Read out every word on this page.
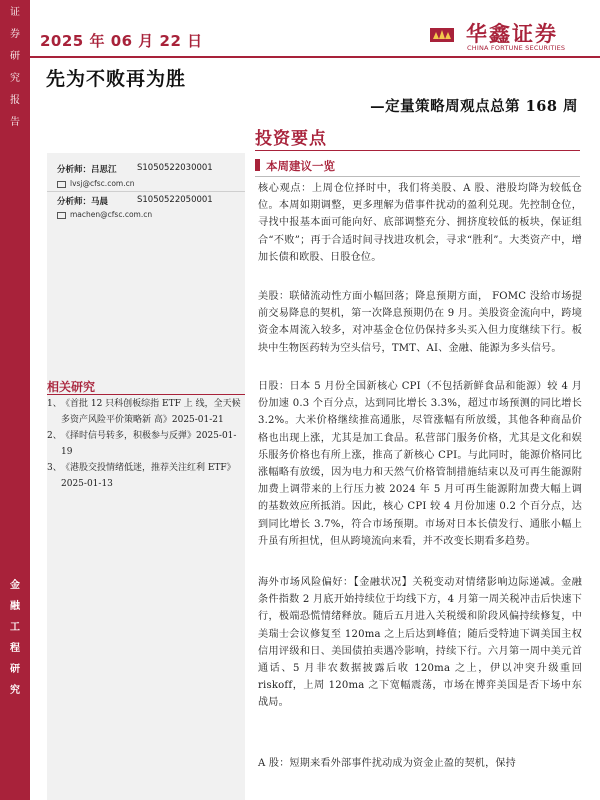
证
券
研
究
报
告
金
融
工
程
研
究
2025 年 06 月 22 日	华鑫证券
CHINA FORTUNE SECURITIES
先为不败再为胜
—定量策略周观点总第 168 周
投资要点
分析师：吕思江 S1050522030001
lvsj@cfsc.com.cn
分析师：马晨	S1050522050001
machen@cfsc.com.cn
相关研究
1、 《首批 12 只科创板综指 ETF 上 线，全天候多资产风险平价策略新 高》2025-01-21
2、 《择时信号转多，积极参与反弹》2025-01-19
3、 《港股交投情绪低迷，推荐关注红利 ETF》2025-01-13
本周建议一览

核心观点：上周仓位择时中，我们将美股、A 股、港股均降为较低仓位。本周如期调整，更多理解为借事件扰动的盈利兑现。先控制仓位，寻找中报基本面可能向好、底部调整充分、拥挤度较低的板块，保证组合“不败”；再于合适时间寻找进攻机会，寻求“胜利”。大类资产中，增加长债和欧股、日股仓位。

美股：联储流动性方面小幅回落；降息预期方面， FOMC 没给市场提前交易降息的契机，第一次降息预期仍在 9 月。美股资金流向中，跨境资金本周流入较多，对冲基金仓位仍保持多头买入但力度继续下行。板块中生物医药转为空头信号，TMT、AI、金融、能源为多头信号。

日股：日本 5 月份全国新核心 CPI（不包括新鲜食品和能源）较 4 月份加速 0.3 个百分点，达到同比增长 3.3%，超过市场预测的同比增长 3.2%。大米价格继续推高通胀，尽管涨幅有所放缓，其他各种商品价格也出现上涨，尤其是加工食品。私营部门服务价格，尤其是文化和娱乐服务价格也有所上涨，推高了新核心 CPI。与此同时，能源价格同比涨幅略有放缓，因为电力和天然气价格管制措施结束以及可再生能源附加费上调带来的上行压力被 2024 年 5 月可再生能源附加费大幅上调的基数效应所抵消。因此，核心 CPI 较 4 月份加速 0.2 个百分点，达到同比增长 3.7%，符合市场预期。市场对日本长债发行、通胀小幅上升虽有所担忧，但从跨境流向来看，并不改变长期看多趋势。

海外市场风险偏好：【金融状况】关税变动对情绪影响边际递减。金融条件指数 2 月底开始持续位于均线下方，4 月第一周关税冲击后快速下行，极端恐慌情绪释放。随后五月进入关税缓和阶段风偏持续修复，中美瑞士会议修复至 120ma 之上后达到峰值；随后受特迪下调美国主权信用评级和日、美国债拍卖遇冷影响，持续下行。六月第一周中美元首通话、5 月非农数据披露后收 120ma 之上，伊以冲突升级重回 riskoff，上周 120ma 之下宽幅震荡，市场在博弈美国是否下场中东战局。

A 股：短期来看外部事件扰动成为资金止盈的契机，保持
